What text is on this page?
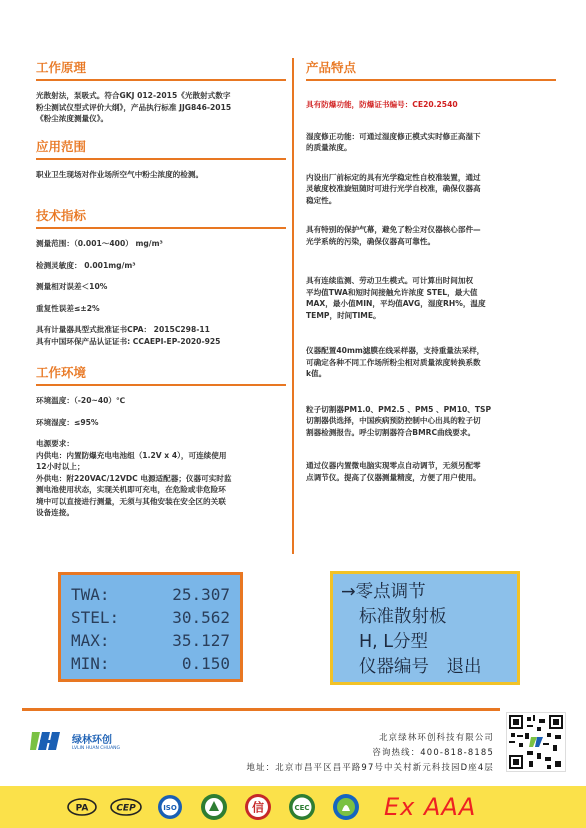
工作原理
光散射法，泵吸式。符合GKJ 012-2015《光散射式数字
粉尘测试仪型式评价大纲》，产品执行标准 JJG846-2015
《粉尘浓度测量仪》。
应用范围
职业卫生现场对作业场所空气中粉尘浓度的检测。
技术指标
测量范围：（0.001～400） mg/m³
检测灵敏度： 0.001mg/m³
测量相对误差＜10%
重复性误差≤±2%
具有计量器具型式批准证书CPA： 2015C298-11
具有中国环保产品认证证书: CCAEPI-EP-2020-925
工作环境
环境温度：（-20~40）℃
环境湿度：≤95%
电源要求：
内供电：内置防爆充电电池组（1.2V x 4），可连续使用
12小时以上；
外供电：附220VAC/12VDC 电源适配器；仪器可实时监
测电池使用状态，实现关机即可充电，在危险或非危险环
境中可以直接进行测量，无须与其他安装在安全区的关联
设备连接。
产品特点
具有防爆功能，防爆证书编号：CE20.2540
湿度修正功能：可通过湿度修正模式实时修正高湿下
的质量浓度。
内设出厂前标定的具有光学稳定性自校准装置，通过
灵敏度校准旋钮随时可进行光学自校准，确保仪器高
稳定性。
具有特别的保护气幕，避免了粉尘对仪器核心部件—
光学系统的污染，确保仪器高可靠性。
具有连续监测、劳动卫生模式。可计算出时间加权
平均值TWA和短时间接触允许浓度 STEL，最大值
MAX，最小值MIN，平均值AVG，湿度RH%，温度
TEMP，时间TIME。
仪器配置40mm滤膜在线采样器，支持重量法采样，
可确定各种不同工作场所粉尘相对质量浓度转换系数
k值。
粒子切割器PM1.0、PM2.5 、PM5 、PM10、TSP
切割器供选择，中国疾病预防控制中心出具的粒子切
割器检测报告。呼尘切割器符合BMRC曲线要求。
通过仪器内置微电脑实现零点自动调节，无须另配零
点调节仪。提高了仪器测量精度，方便了用户使用。
TWA:	25.307
STEL:	30.562
MAX:	35.127
MIN:	0.150
→零点调节
标准散射板
H, L分型
仪器编号　退出
绿林环创
LVLIN HUAN CHUANG
北京绿林环创科技有限公司
咨询热线：400-818-8185
地址：北京市昌平区昌平路97号中关村新元科技园D座4层
PA	CEP	ISO	信	CEC	Ex AAA
